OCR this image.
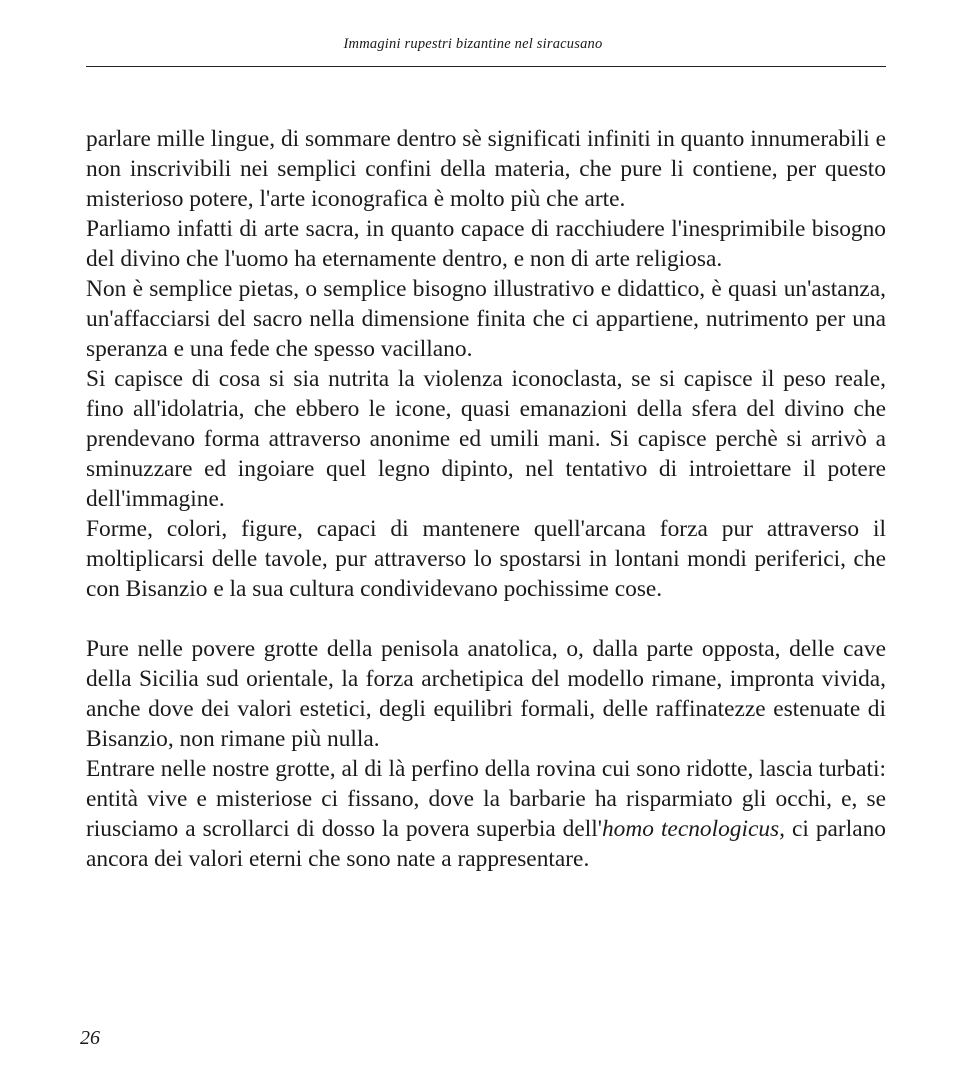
Immagini rupestri bizantine nel siracusano

parlare mille lingue, di sommare dentro sè significati infiniti in quanto innumerabili e non inscrivibili nei semplici confini della materia, che pure li contiene, per questo misterioso potere, l'arte iconografica è molto più che arte.

Parliamo infatti di arte sacra, in quanto capace di racchiudere l'inesprimibile bisogno del divino che l'uomo ha eternamente dentro, e non di arte religiosa.

Non è semplice pietas, o semplice bisogno illustrativo e didattico, è quasi un'astanza, un'affacciarsi del sacro nella dimensione finita che ci appartiene, nutrimento per una speranza e una fede che spesso vacillano.

Si capisce di cosa si sia nutrita la violenza iconoclasta, se si capisce il peso reale, fino all'idolatria, che ebbero le icone, quasi emanazioni della sfera del divino che prendevano forma attraverso anonime ed umili mani. Si capisce perchè si arrivò a sminuzzare ed ingoiare quel legno dipinto, nel tentativo di introiettare il potere dell'immagine.

Forme, colori, figure, capaci di mantenere quell'arcana forza pur attraverso il moltiplicarsi delle tavole, pur attraverso lo spostarsi in lontani mondi periferici, che con Bisanzio e la sua cultura condividevano pochissime cose.

Pure nelle povere grotte della penisola anatolica, o, dalla parte opposta, delle cave della Sicilia sud orientale, la forza archetipica del modello rimane, impronta vivida, anche dove dei valori estetici, degli equilibri formali, delle raffinatezze estenuate di Bisanzio, non rimane più nulla.

Entrare nelle nostre grotte, al di là perfino della rovina cui sono ridotte, lascia turbati: entità vive e misteriose ci fissano, dove la barbarie ha risparmiato gli occhi, e, se riusciamo a scrollarci di dosso la povera superbia dell'homo tecnologicus, ci parlano ancora dei valori eterni che sono nate a rappresentare.

26
